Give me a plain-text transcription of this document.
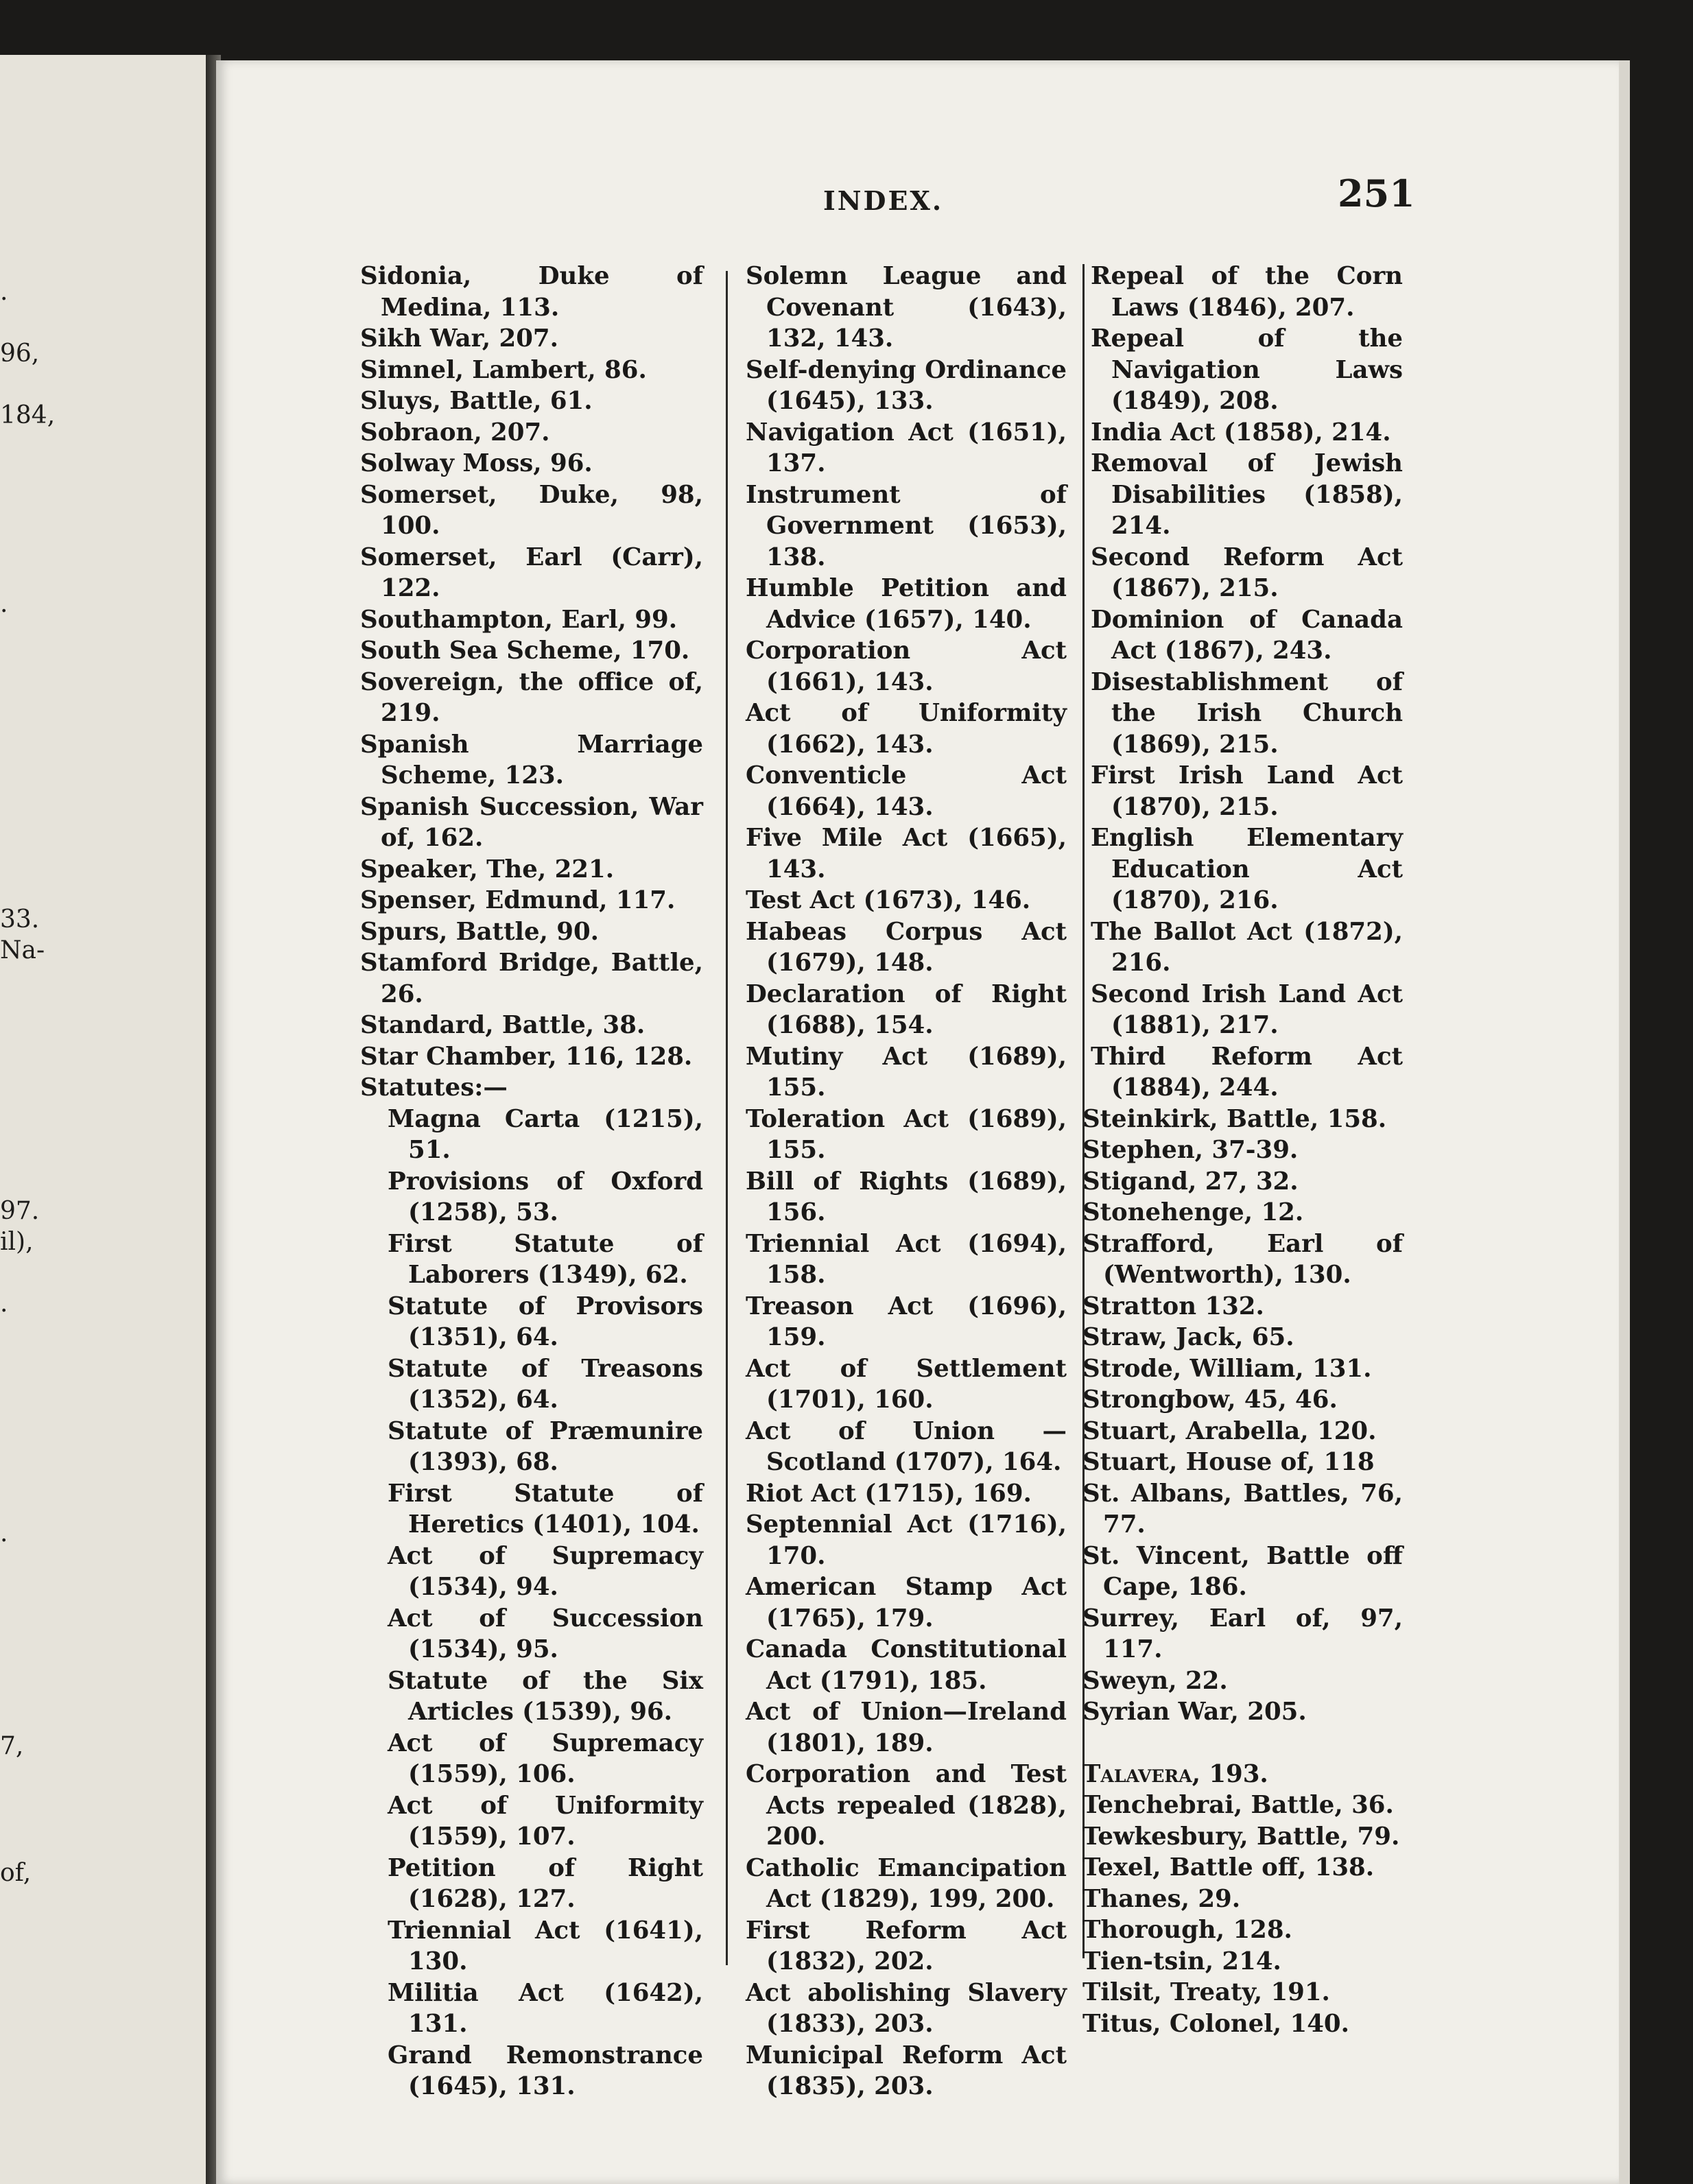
.
96,
184,
.
33.
Na-
97.
il),
.
.
7,
of,
INDEX.	251

Sidonia, Duke of Medina, 113.

Sikh War, 207.

Simnel, Lambert, 86.

Sluys, Battle, 61.

Sobraon, 207.

Solway Moss, 96.

Somerset, Duke, 98, 100.

Somerset, Earl (Carr), 122.

Southampton, Earl, 99.

South Sea Scheme, 170.

Sovereign, the office of, 219.

Spanish Marriage Scheme, 123.

Spanish Succession, War of, 162.

Speaker, The, 221.

Spenser, Edmund, 117.

Spurs, Battle, 90.

Stamford Bridge, Battle, 26.

Standard, Battle, 38.

Star Chamber, 116, 128.

Statutes:—

Magna Carta (1215), 51.

Provisions of Oxford (1258), 53.

First Statute of Laborers (1349), 62.

Statute of Provisors (1351), 64.

Statute of Treasons (1352), 64.

Statute of Præmunire (1393), 68.

First Statute of Heretics (1401), 104.

Act of Supremacy (1534), 94.

Act of Succession (1534), 95.

Statute of the Six Articles (1539), 96.

Act of Supremacy (1559), 106.

Act of Uniformity (1559), 107.

Petition of Right (1628), 127.

Triennial Act (1641), 130.

Militia Act (1642), 131.

Grand Remonstrance (1645), 131.

Solemn League and Covenant (1643), 132, 143.

Self-denying Ordinance (1645), 133.

Navigation Act (1651), 137.

Instrument of Government (1653), 138.

Humble Petition and Advice (1657), 140.

Corporation Act (1661), 143.

Act of Uniformity (1662), 143.

Conventicle Act (1664), 143.

Five Mile Act (1665), 143.

Test Act (1673), 146.

Habeas Corpus Act (1679), 148.

Declaration of Right (1688), 154.

Mutiny Act (1689), 155.

Toleration Act (1689), 155.

Bill of Rights (1689), 156.

Triennial Act (1694), 158.

Treason Act (1696), 159.

Act of Settlement (1701), 160.

Act of Union — Scotland (1707), 164.

Riot Act (1715), 169.

Septennial Act (1716), 170.

American Stamp Act (1765), 179.

Canada Constitutional Act (1791), 185.

Act of Union—Ireland (1801), 189.

Corporation and Test Acts repealed (1828), 200.

Catholic Emancipation Act (1829), 199, 200.

First Reform Act (1832), 202.

Act abolishing Slavery (1833), 203.

Municipal Reform Act (1835), 203.

Repeal of the Corn Laws (1846), 207.

Repeal of the Navigation Laws (1849), 208.

India Act (1858), 214.

Removal of Jewish Disabilities (1858), 214.

Second Reform Act (1867), 215.

Dominion of Canada Act (1867), 243.

Disestablishment of the Irish Church (1869), 215.

First Irish Land Act (1870), 215.

English Elementary Education Act (1870), 216.

The Ballot Act (1872), 216.

Second Irish Land Act (1881), 217.

Third Reform Act (1884), 244.

Steinkirk, Battle, 158.

Stephen, 37-39.

Stigand, 27, 32.

Stonehenge, 12.

Strafford, Earl of (Wentworth), 130.

Stratton 132.

Straw, Jack, 65.

Strode, William, 131.

Strongbow, 45, 46.

Stuart, Arabella, 120.

Stuart, House of, 118

St. Albans, Battles, 76, 77.

St. Vincent, Battle off Cape, 186.

Surrey, Earl of, 97, 117.

Sweyn, 22.

Syrian War, 205.

Talavera, 193.

Tenchebrai, Battle, 36.

Tewkesbury, Battle, 79.

Texel, Battle off, 138.

Thanes, 29.

Thorough, 128.

Tien-tsin, 214.

Tilsit, Treaty, 191.

Titus, Colonel, 140.
